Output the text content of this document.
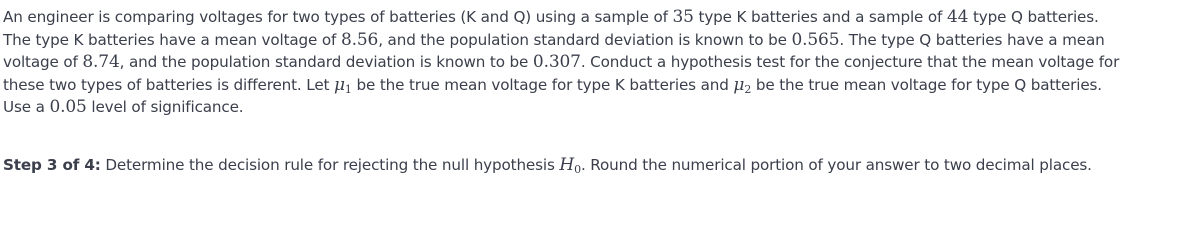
An engineer is comparing voltages for two types of batteries (K and Q) using a sample of 35 type K batteries and a sample of 44 type Q batteries.
The type K batteries have a mean voltage of 8.56, and the population standard deviation is known to be 0.565. The type Q batteries have a mean
voltage of 8.74, and the population standard deviation is known to be 0.307. Conduct a hypothesis test for the conjecture that the mean voltage for
these two types of batteries is different. Let $\mu_1$ be the true mean voltage for type K batteries and $\mu_2$ be the true mean voltage for type Q batteries.
Use a 0.05 level of significance.
Step 3 of 4: Determine the decision rule for rejecting the null hypothesis $H_0$. Round the numerical portion of your answer to two decimal places.
